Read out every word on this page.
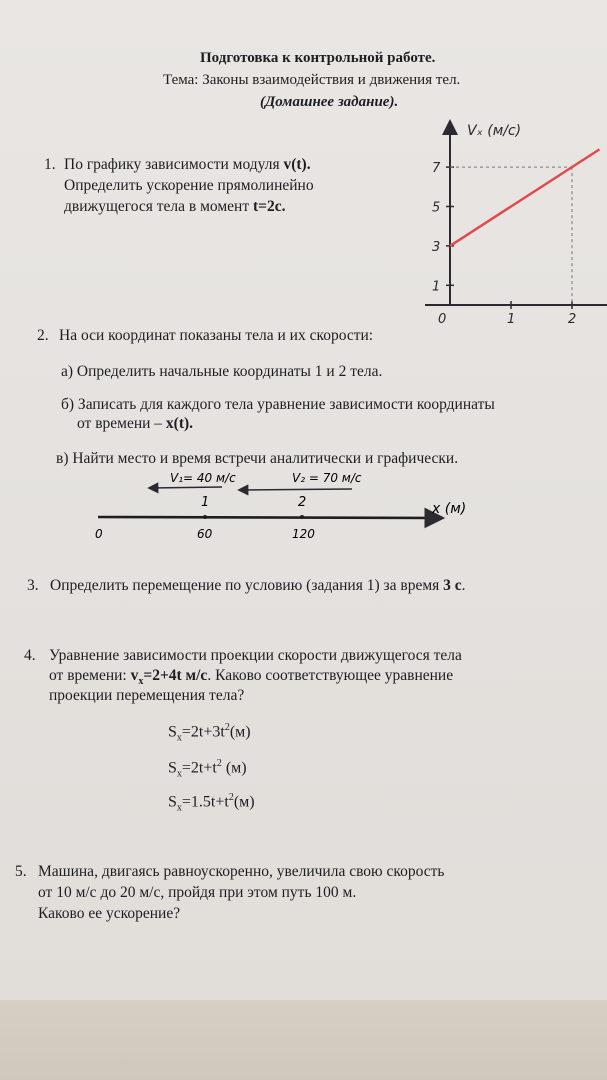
Подготовка к контрольной работе.
Тема: Законы взаимодействия и движения тел.
(Домашнее задание).
1. По графику зависимости модуля v(t).
Определить ускорение прямолинейно
движущегося тела в момент t=2с.
Vₓ (м/с)
1
3
5
7
0	1	2
2. На оси координат показаны тела и их скорости:
а) Определить начальные координаты 1 и 2 тела.
б) Записать для каждого тела уравнение зависимости координаты
от времени – x(t).
в) Найти место и время встречи аналитически и графически.
V₁= 40 м/с	V₂ = 70 м/с
1	2	x (м)
0	60	120
3. Определить перемещение по условию (задания 1) за время 3 с.
4. Уравнение зависимости проекции скорости движущегося тела
от времени: $v_x=2+4t$ м/с. Каково соответствующее уравнение
проекции перемещения тела?
$S_x=2t+3t^2(м)$
$S_x=2t+t^2$ (м)
$S_x=1.5t+t^2(м)$
5. Машина, двигаясь равноускоренно, увеличила свою скорость
от 10 м/с до 20 м/с, пройдя при этом путь 100 м.
Каково ее ускорение?
